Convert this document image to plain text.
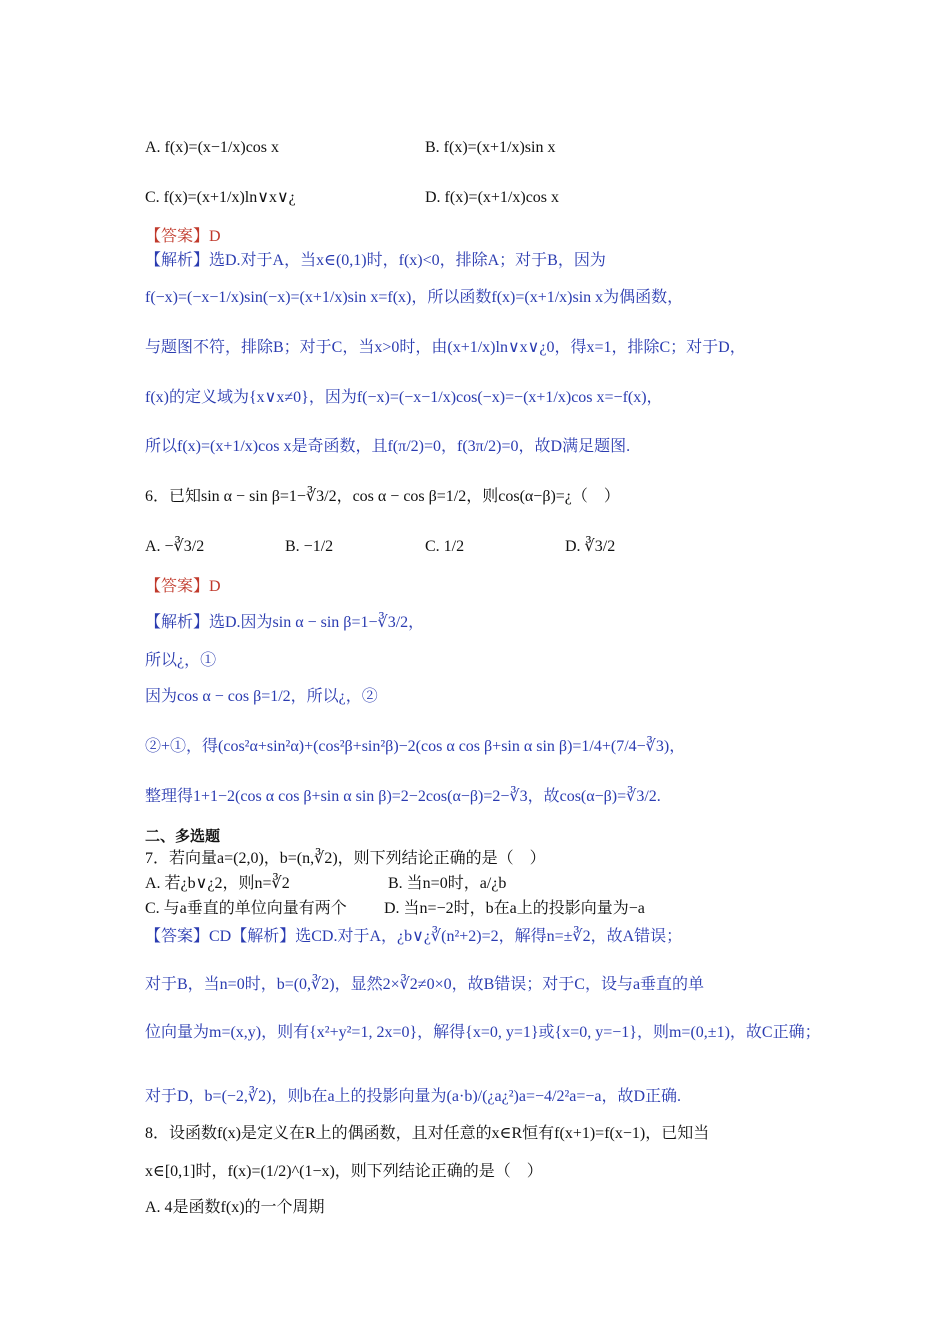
A. f(x)=(x−1/x)cos x	B. f(x)=(x+1/x)sin x
C. f(x)=(x+1/x)ln∨x∨¿	D. f(x)=(x+1/x)cos x
【答案】D
【解析】选D.对于A，当x∈(0,1)时，f(x)<0，排除A；对于B，因为
f(−x)=(−x−1/x)sin(−x)=(x+1/x)sin x=f(x)，所以函数f(x)=(x+1/x)sin x为偶函数，
与题图不符，排除B；对于C，当x>0时，由(x+1/x)ln∨x∨¿0，得x=1，排除C；对于D，
f(x)的定义域为{x∨x≠0}，因为f(−x)=(−x−1/x)cos(−x)=−(x+1/x)cos x=−f(x)，
所以f(x)=(x+1/x)cos x是奇函数，且f(π/2)=0，f(3π/2)=0，故D满足题图.
6．已知sin α − sin β=1−∛3/2，cos α − cos β=1/2，则cos(α−β)=¿（　）
A. −∛3/2	B. −1/2	C. 1/2	D. ∛3/2
【答案】D
【解析】选D.因为sin α − sin β=1−∛3/2，
所以¿，①
因为cos α − cos β=1/2，所以¿，②
②+①，得(cos²α+sin²α)+(cos²β+sin²β)−2(cos α cos β+sin α sin β)=1/4+(7/4−∛3)，
整理得1+1−2(cos α cos β+sin α sin β)=2−2cos(α−β)=2−∛3，故cos(α−β)=∛3/2.
二、多选题
7．若向量a=(2,0)，b=(n,∛2)，则下列结论正确的是（　）
A. 若¿b∨¿2，则n=∛2	B. 当n=0时，a/¿b
C. 与a垂直的单位向量有两个 D. 当n=−2时，b在a上的投影向量为−a
【答案】CD【解析】选CD.对于A，¿b∨¿∛(n²+2)=2，解得n=±∛2，故A错误；
对于B，当n=0时，b=(0,∛2)，显然2×∛2≠0×0，故B错误；对于C，设与a垂直的单
位向量为m=(x,y)，则有{x²+y²=1, 2x=0}，解得{x=0, y=1}或{x=0, y=−1}，则m=(0,±1)，故C正确；
对于D，b=(−2,∛2)，则b在a上的投影向量为(a·b)/(¿a¿²)a=−4/2²a=−a，故D正确.
8．设函数f(x)是定义在R上的偶函数，且对任意的x∈R恒有f(x+1)=f(x−1)，已知当
x∈[0,1]时，f(x)=(1/2)^(1−x)，则下列结论正确的是（　）
A. 4是函数f(x)的一个周期
